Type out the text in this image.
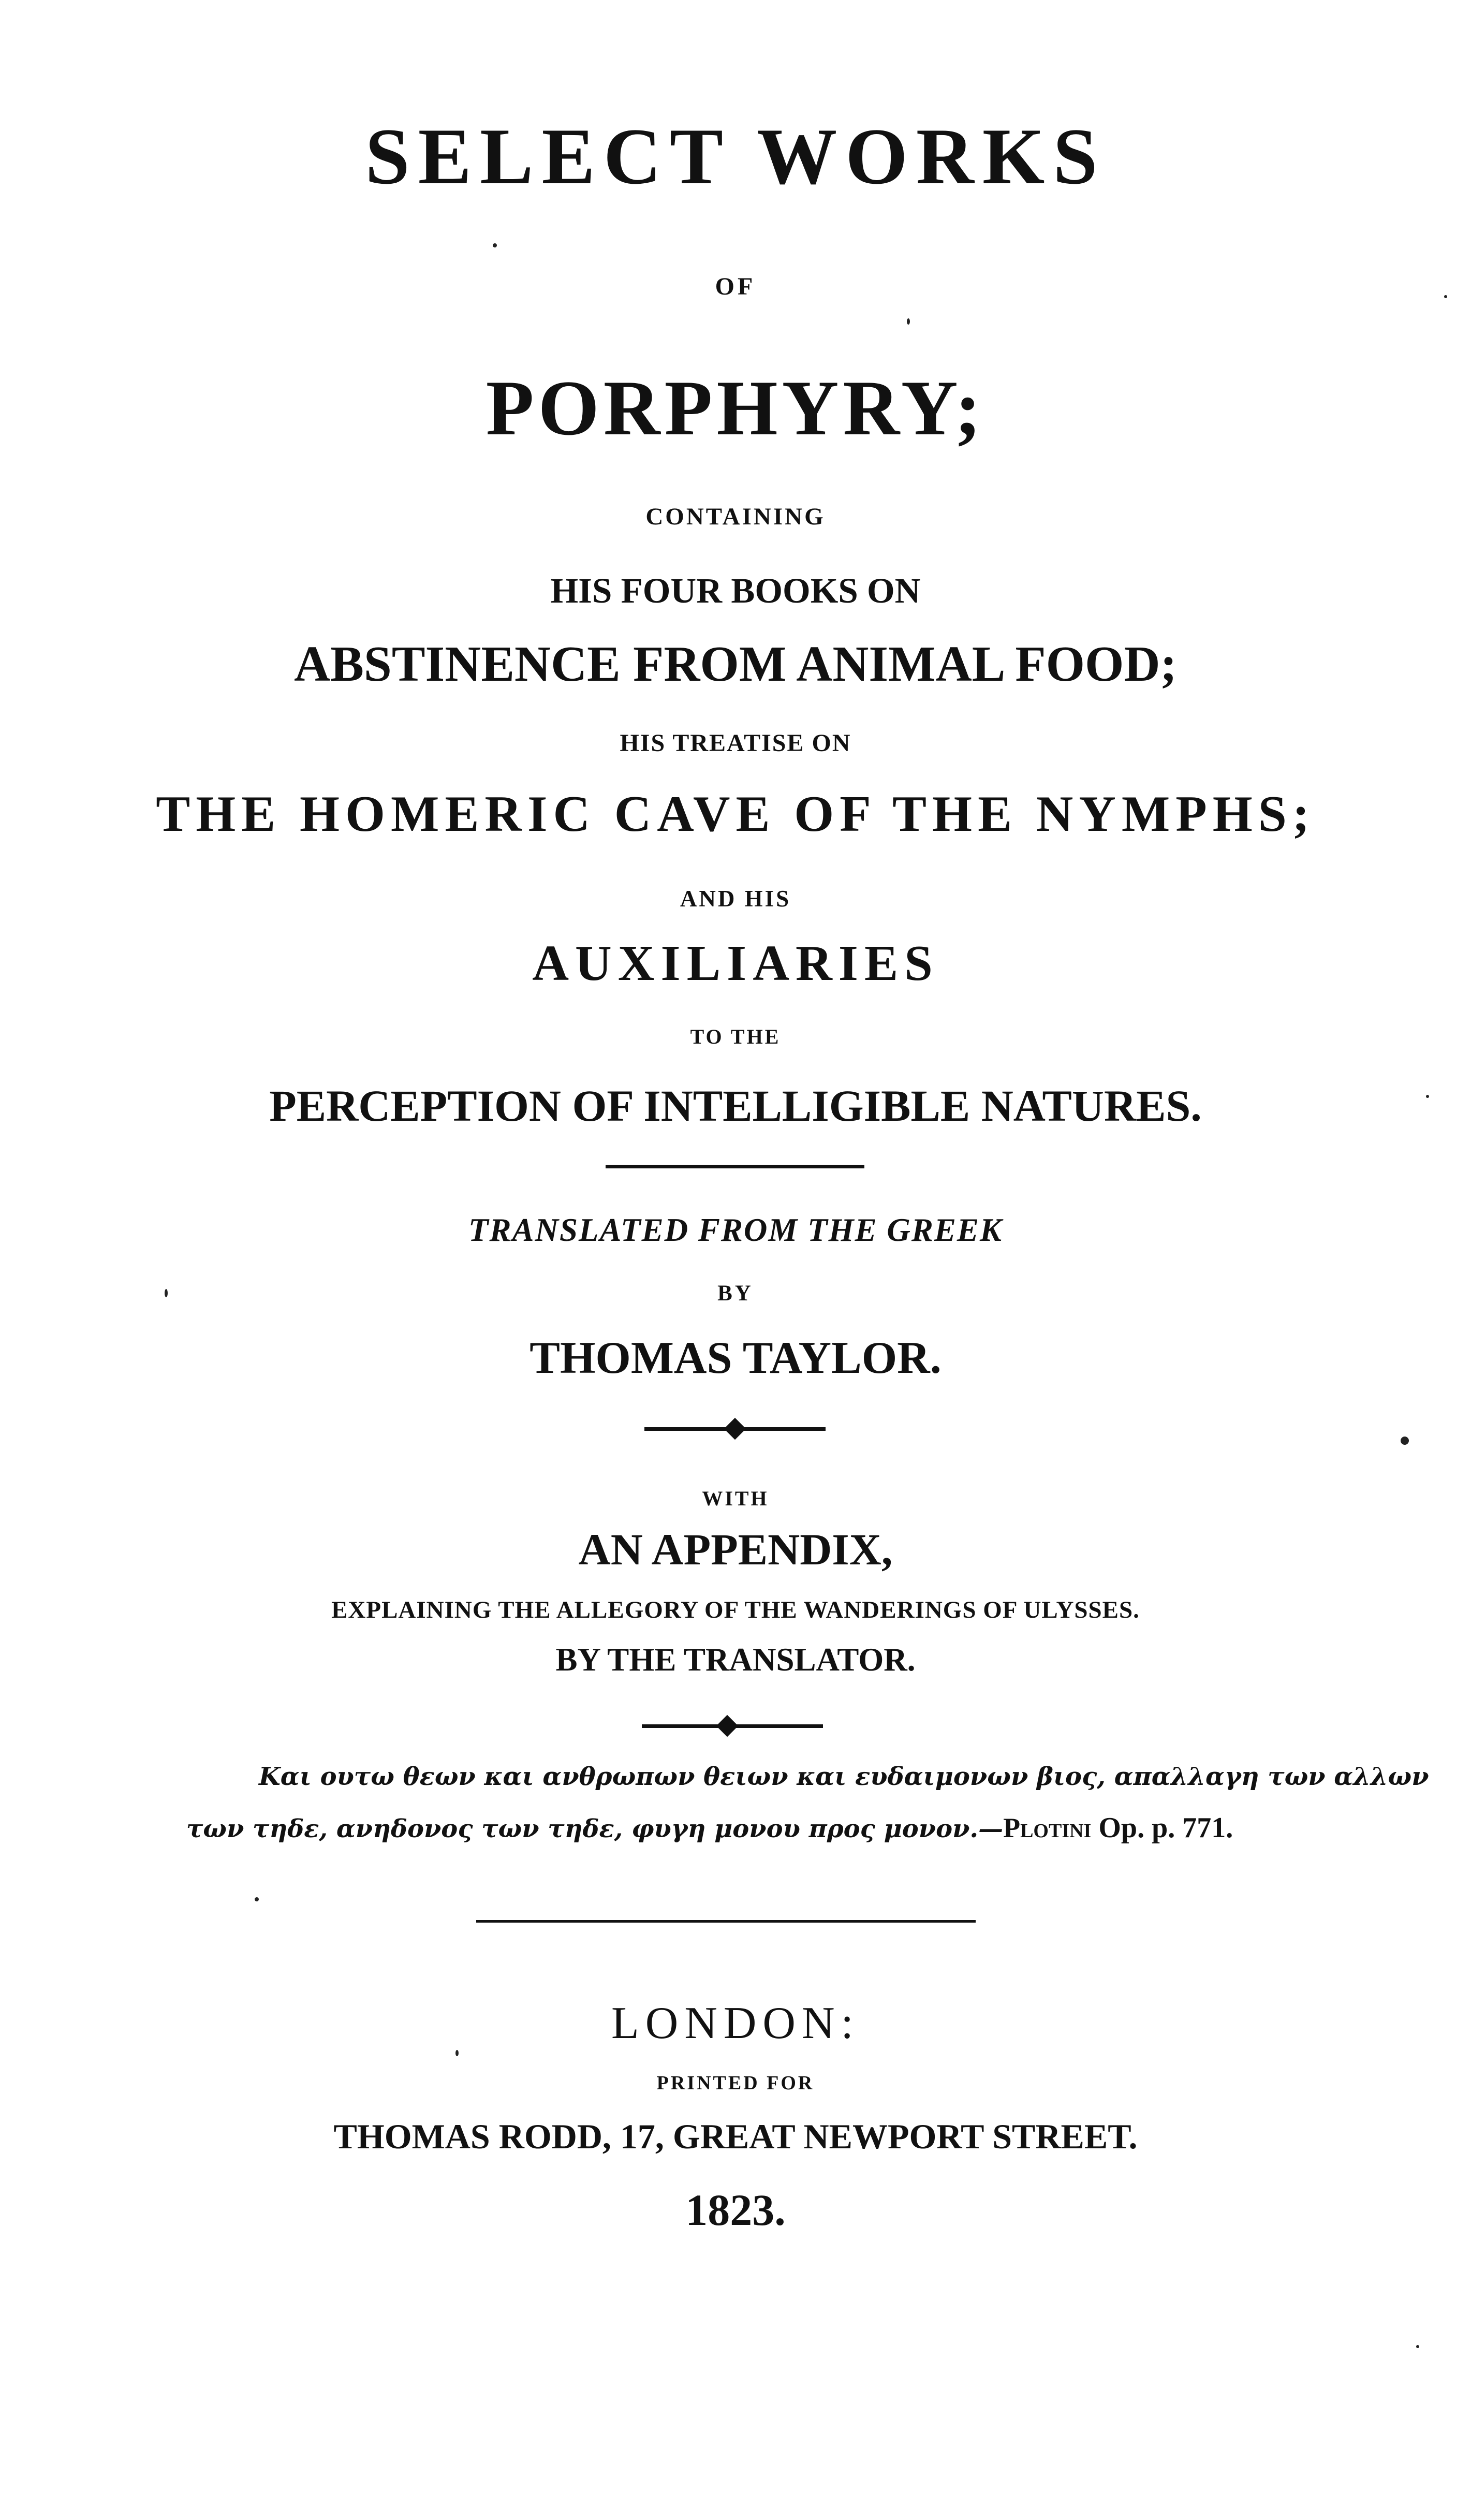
SELECT WORKS
OF
PORPHYRY;
CONTAINING
HIS FOUR BOOKS ON
ABSTINENCE FROM ANIMAL FOOD;
HIS TREATISE ON
THE HOMERIC CAVE OF THE NYMPHS;
AND HIS
AUXILIARIES
TO THE
PERCEPTION OF INTELLIGIBLE NATURES.
TRANSLATED FROM THE GREEK
BY
THOMAS TAYLOR.
WITH
AN APPENDIX,
EXPLAINING THE ALLEGORY OF THE WANDERINGS OF ULYSSES.
BY THE TRANSLATOR.
Και ουτω θεων και ανθρωπων θειων και ευδαιμονων βιος, απαλλαγη των αλλων
των τηδε, ανηδονος των τηδε, φυγη μονου προς μονον.—Plotini Op. p. 771.
LONDON:
PRINTED FOR
THOMAS RODD, 17, GREAT NEWPORT STREET.
1823.
